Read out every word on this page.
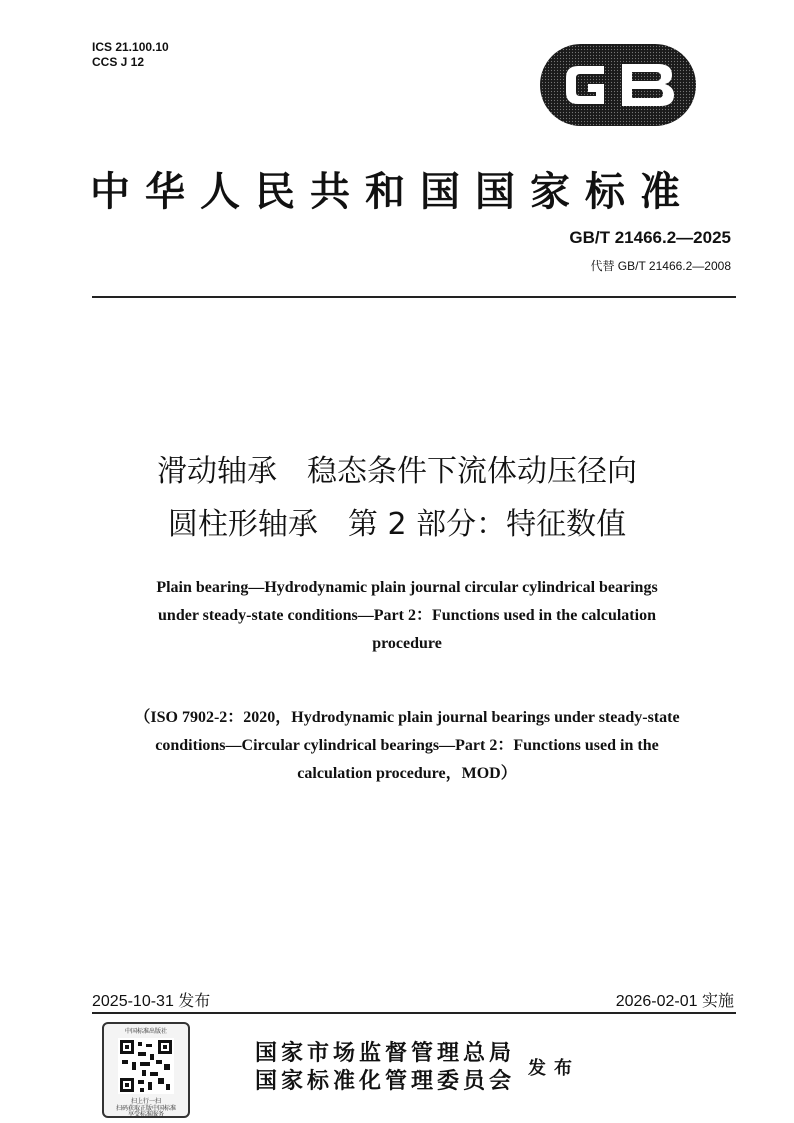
ICS 21.100.10
CCS J 12
中华人民共和国国家标准
GB/T 21466.2—2025
代替 GB/T 21466.2—2008
滑动轴承　稳态条件下流体动压径向
圆柱形轴承　第 2 部分：特征数值
Plain bearing—Hydrodynamic plain journal circular cylindrical bearings
under steady-state conditions—Part 2：Functions used in the calculation
procedure
（ISO 7902-2：2020，Hydrodynamic plain journal bearings under steady-state
conditions—Circular cylindrical bearings—Part 2：Functions used in the
calculation procedure，MOD）
2025-10-31 发布	2026-02-01 实施
中国标准出版社
扫上行一扫
扫码获取正版中国标准
享受标准服务
国家市场监督管理总局
国家标准化管理委员会 发布
